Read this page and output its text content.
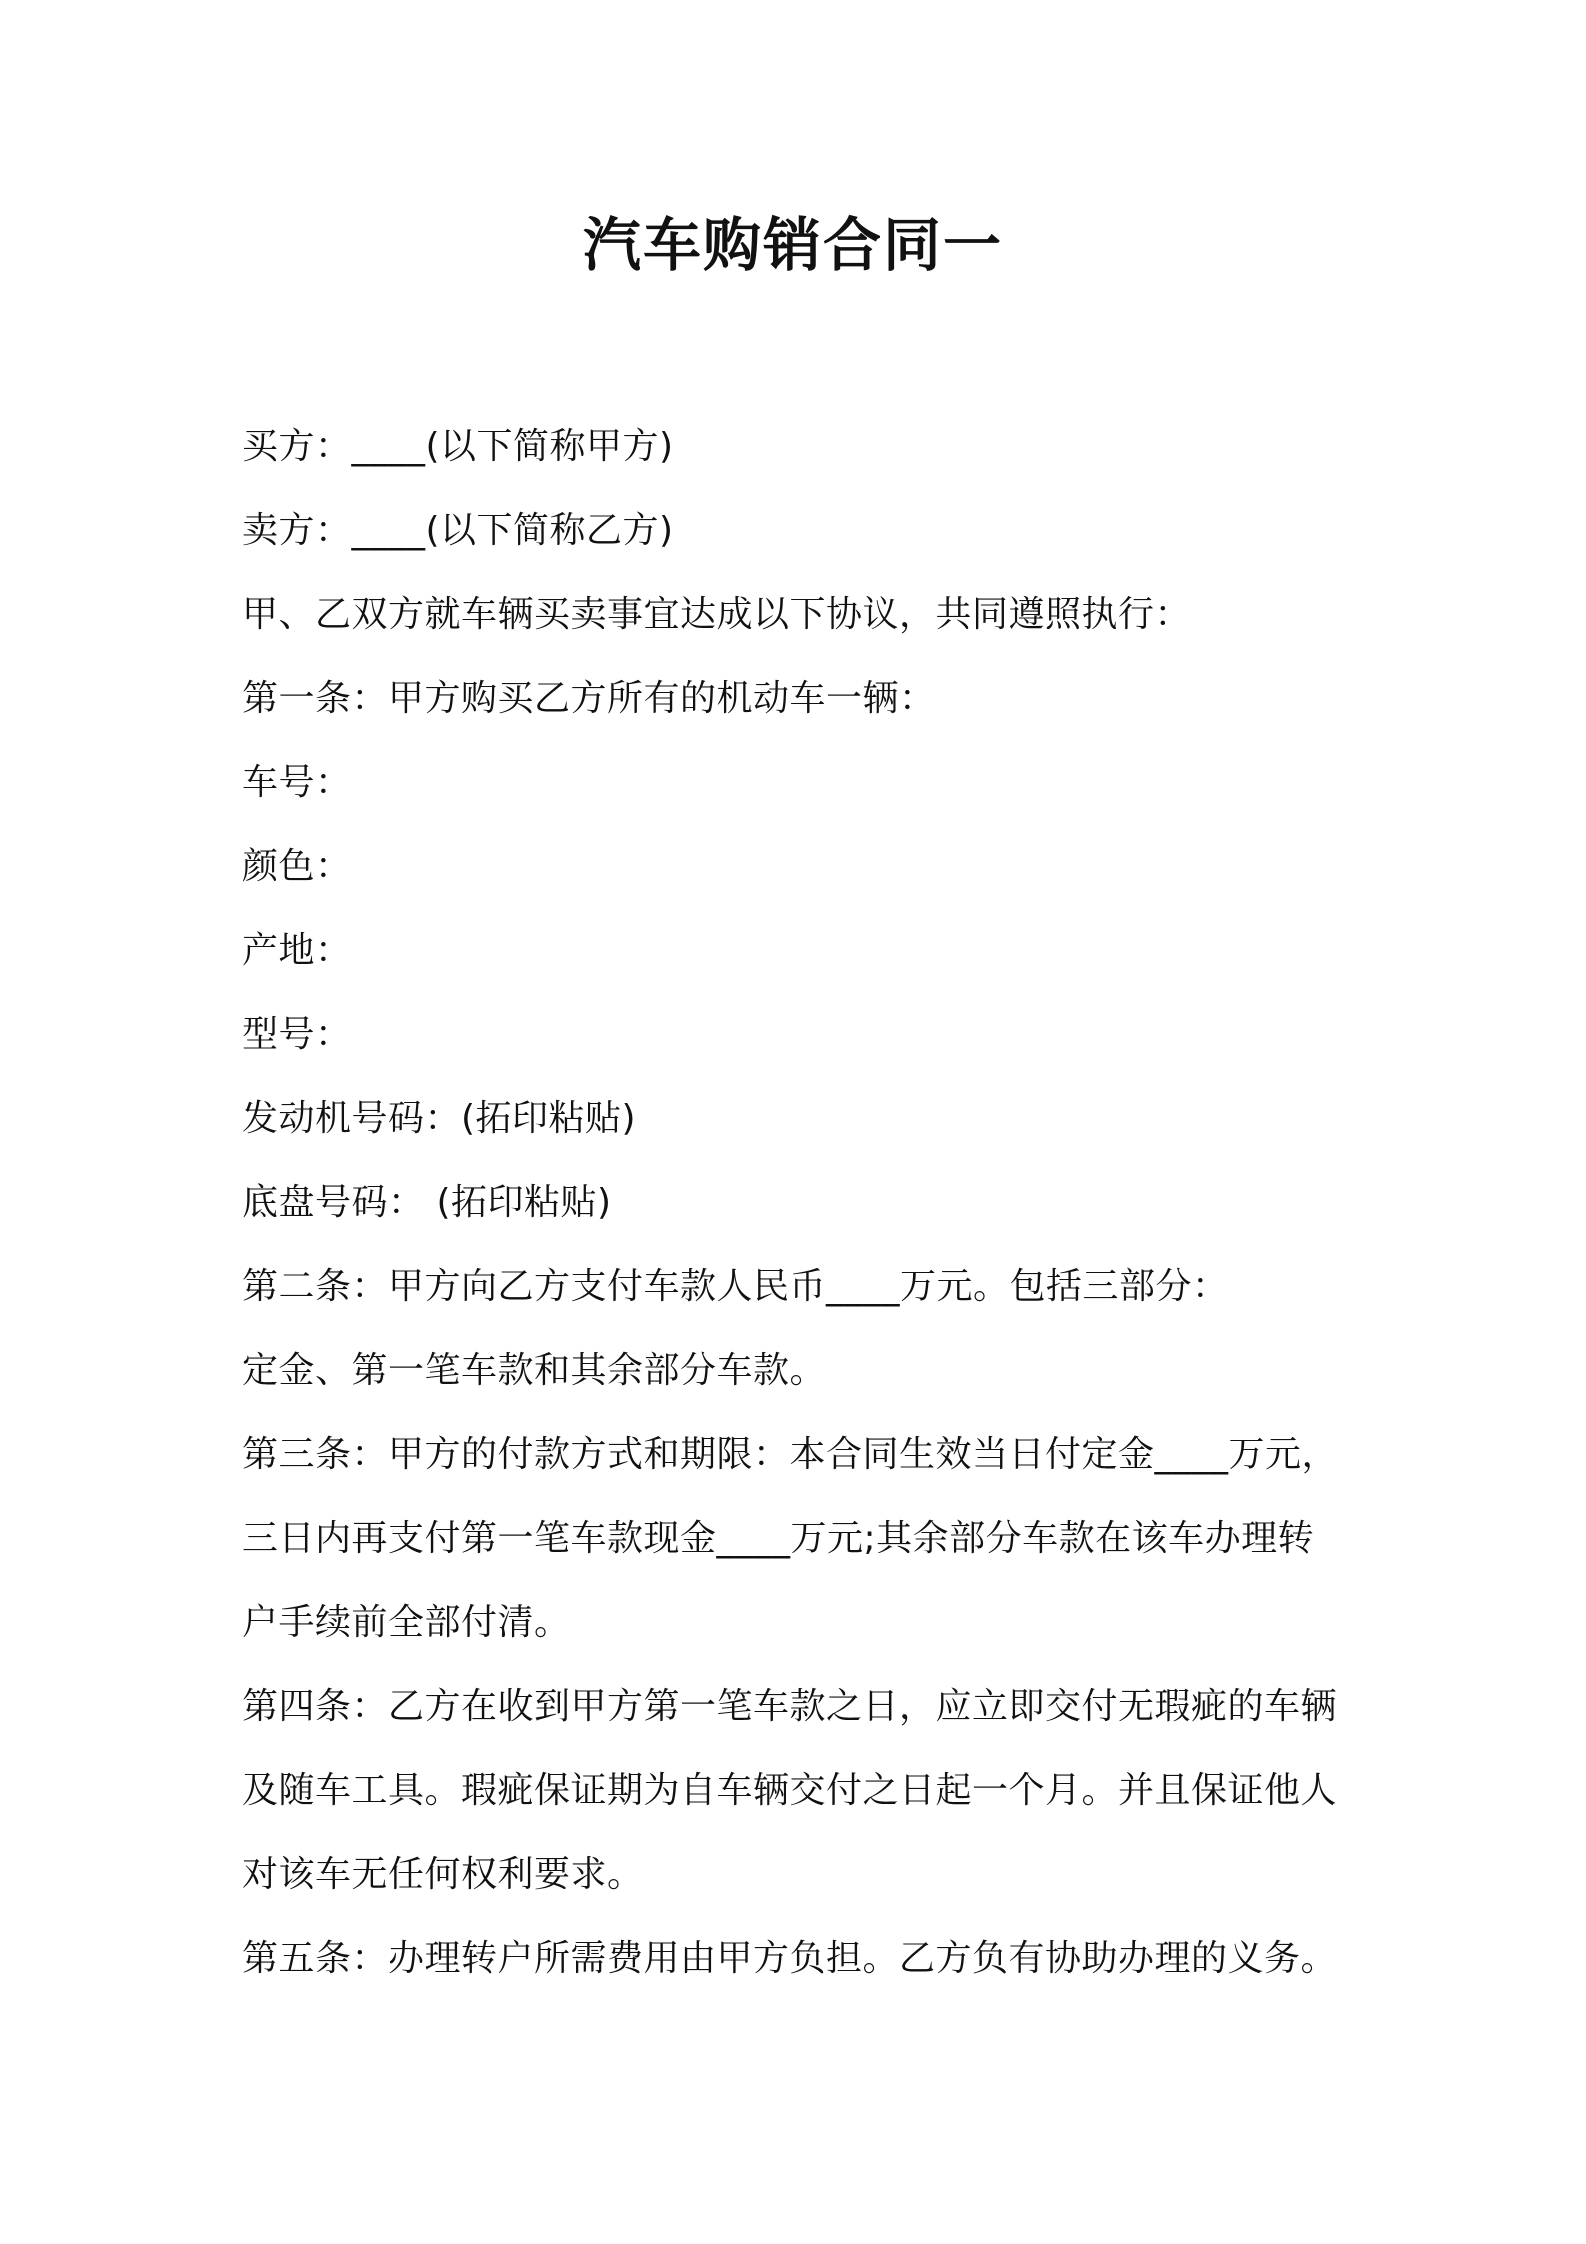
汽车购销合同一

买方：____(以下简称甲方)

卖方：____(以下简称乙方)

甲、乙双方就车辆买卖事宜达成以下协议，共同遵照执行：

第一条：甲方购买乙方所有的机动车一辆：

车号：

颜色：

产地：

型号：

发动机号码：(拓印粘贴)

底盘号码： (拓印粘贴)

第二条：甲方向乙方支付车款人民币____万元。包括三部分：

定金、第一笔车款和其余部分车款。

第三条：甲方的付款方式和期限：本合同生效当日付定金____万元，

三日内再支付第一笔车款现金____万元;其余部分车款在该车办理转

户手续前全部付清。

第四条：乙方在收到甲方第一笔车款之日，应立即交付无瑕疵的车辆

及随车工具。瑕疵保证期为自车辆交付之日起一个月。并且保证他人

对该车无任何权利要求。

第五条：办理转户所需费用由甲方负担。乙方负有协助办理的义务。
